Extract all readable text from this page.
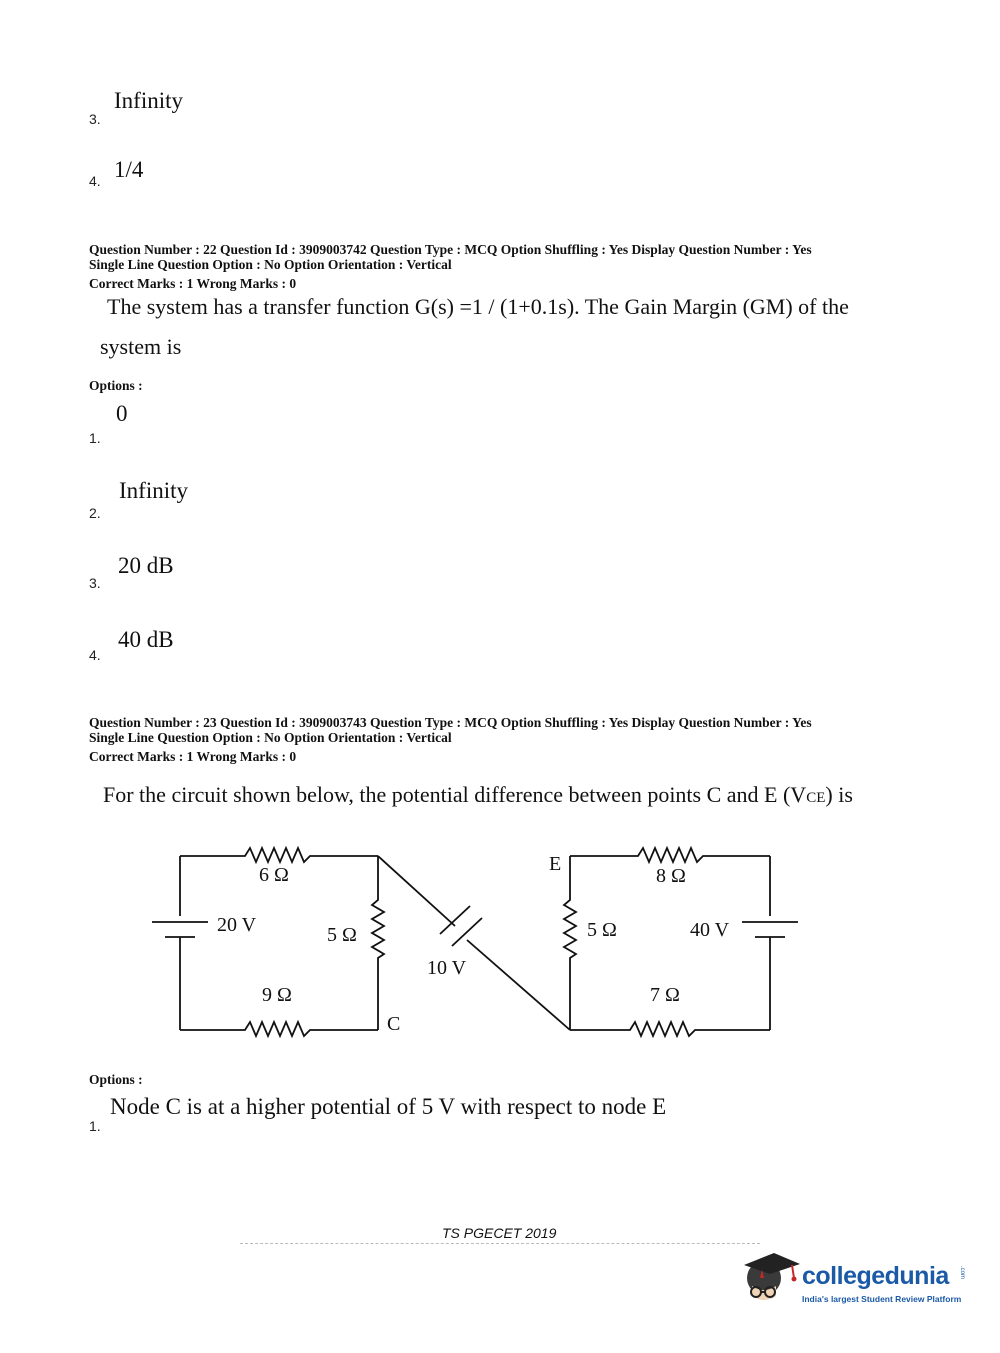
Infinity
3.
1/4
4.
Question Number : 22 Question Id : 3909003742 Question Type : MCQ Option Shuffling : Yes Display Question Number : Yes
Single Line Question Option : No Option Orientation : Vertical
Correct Marks : 1 Wrong Marks : 0
The system has a transfer function G(s) =1 / (1+0.1s). The Gain Margin (GM) of the
system is
Options :
0
1.
Infinity
2.
20 dB
3.
40 dB
4.
Question Number : 23 Question Id : 3909003743 Question Type : MCQ Option Shuffling : Yes Display Question Number : Yes
Single Line Question Option : No Option Orientation : Vertical
Correct Marks : 1 Wrong Marks : 0
For the circuit shown below, the potential difference between points C and E (VCE) is
6 Ω
20 V	5 Ω
9 Ω
C
10 V
E
8 Ω
5 Ω	40 V
7 Ω
Options :
Node C is at a higher potential of 5 V with respect to node E
1.
TS PGECET 2019
collegedunia .com
India's largest Student Review Platform
